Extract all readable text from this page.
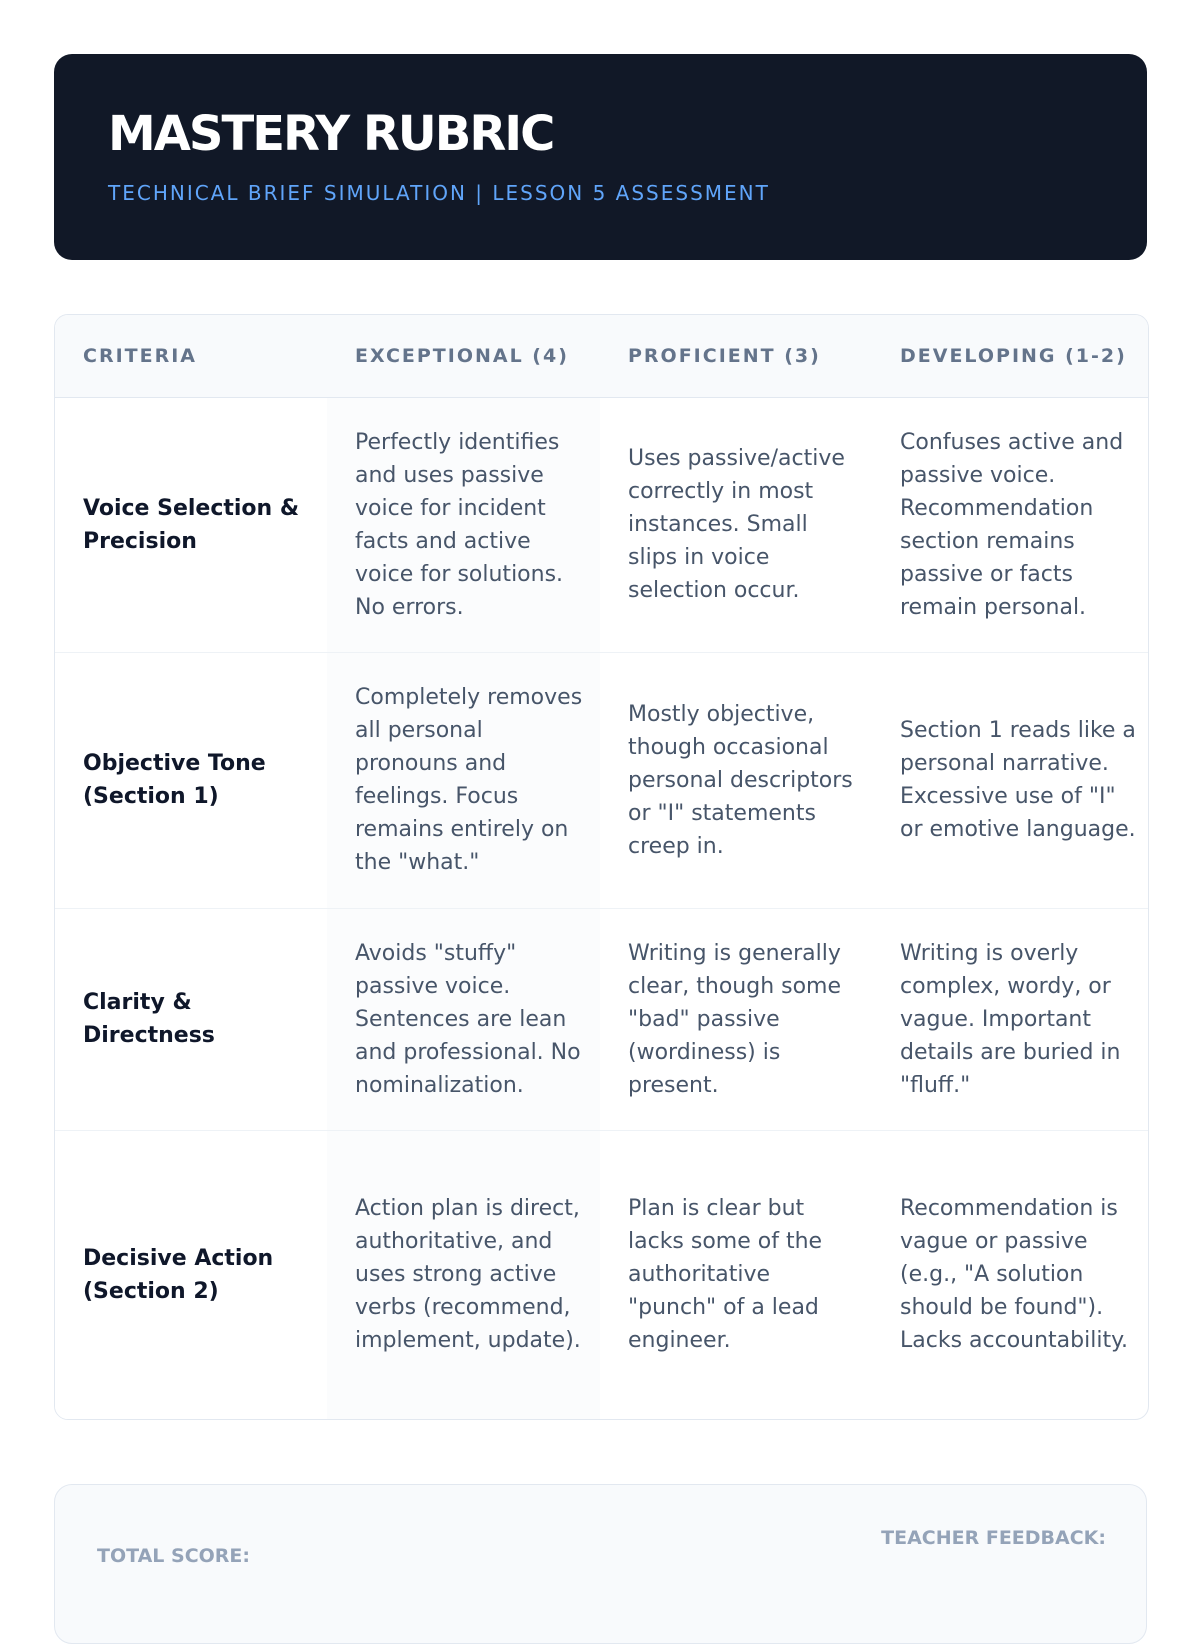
MASTERY RUBRIC
TECHNICAL BRIEF SIMULATION | LESSON 5 ASSESSMENT
CRITERIA	EXCEPTIONAL (4)	PROFICIENT (3)	DEVELOPING (1-2)
Voice Selection & Precision	Perfectly identifies and uses passive voice for incident facts and active voice for solutions. No errors.	Uses passive/active correctly in most instances. Small slips in voice selection occur.	Confuses active and passive voice. Recommendation section remains passive or facts remain personal.
Objective Tone (Section 1)	Completely removes all personal pronouns and feelings. Focus remains entirely on the "what."	Mostly objective, though occasional personal descriptors or "I" statements creep in.	Section 1 reads like a personal narrative. Excessive use of "I" or emotive language.
Clarity & Directness	Avoids "stuffy" passive voice. Sentences are lean and professional. No nominalization.	Writing is generally clear, though some "bad" passive (wordiness) is present.	Writing is overly complex, wordy, or vague. Important details are buried in "fluff."
Decisive Action (Section 2)	Action plan is direct, authoritative, and uses strong active verbs (recommend, implement, update).	Plan is clear but lacks some of the authoritative "punch" of a lead engineer.	Recommendation is vague or passive (e.g., "A solution should be found"). Lacks accountability.
TOTAL SCORE:
TEACHER FEEDBACK:
